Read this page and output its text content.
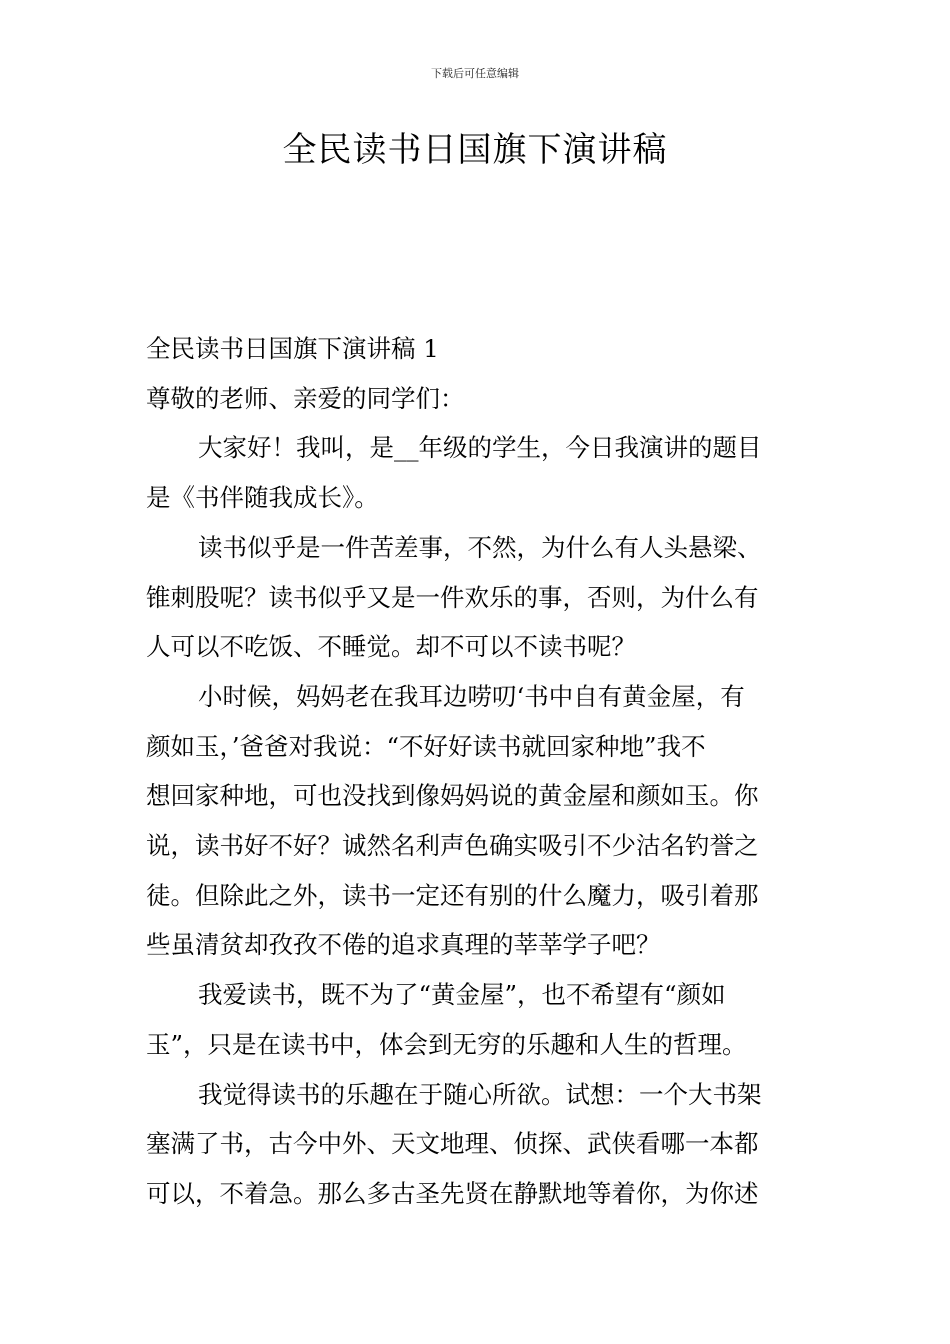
下载后可任意编辑
全民读书日国旗下演讲稿
全民读书日国旗下演讲稿 1
尊敬的老师、亲爱的同学们：
大家好！我叫，是__年级的学生，今日我演讲的题目
是《书伴随我成长》。
读书似乎是一件苦差事，不然，为什么有人头悬梁、
锥刺股呢？读书似乎又是一件欢乐的事，否则，为什么有
人可以不吃饭、不睡觉。却不可以不读书呢？
小时候，妈妈老在我耳边唠叨‘书中自有黄金屋，有
颜如玉，’爸爸对我说：“不好好读书就回家种地”我不
想回家种地，可也没找到像妈妈说的黄金屋和颜如玉。你
说，读书好不好？诚然名利声色确实吸引不少沽名钓誉之
徒。但除此之外，读书一定还有别的什么魔力，吸引着那
些虽清贫却孜孜不倦的追求真理的莘莘学子吧？
我爱读书，既不为了“黄金屋”，也不希望有“颜如
玉”，只是在读书中，体会到无穷的乐趣和人生的哲理。
我觉得读书的乐趣在于随心所欲。试想：一个大书架
塞满了书，古今中外、天文地理、侦探、武侠看哪一本都
可以，不着急。那么多古圣先贤在静默地等着你，为你述
